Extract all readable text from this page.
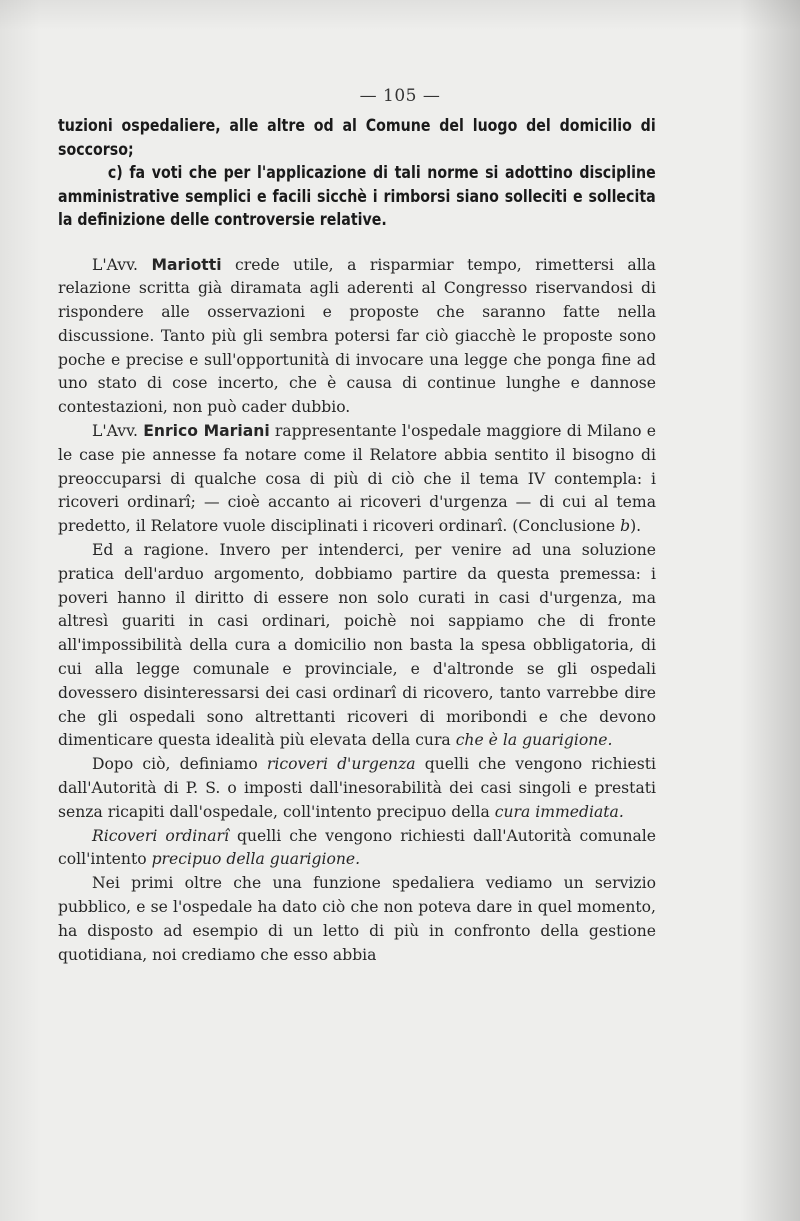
— 105 —

tuzioni ospedaliere, alle altre od al Comune del luogo del domicilio di soccorso;

c) fa voti che per l'applicazione di tali norme si adottino discipline amministrative semplici e facili sicchè i rimborsi siano solleciti e sollecita la definizione delle controversie relative.

L'Avv. Mariotti crede utile, a risparmiar tempo, rimettersi alla relazione scritta già diramata agli aderenti al Congresso riservandosi di rispondere alle osservazioni e proposte che saranno fatte nella discussione. Tanto più gli sembra potersi far ciò giacchè le proposte sono poche e precise e sull'opportunità di invocare una legge che ponga fine ad uno stato di cose incerto, che è causa di continue lunghe e dannose contestazioni, non può cader dubbio.

L'Avv. Enrico Mariani rappresentante l'ospedale maggiore di Milano e le case pie annesse fa notare come il Relatore abbia sentito il bisogno di preoccuparsi di qualche cosa di più di ciò che il tema IV contempla: i ricoveri ordinarî; — cioè accanto ai ricoveri d'urgenza — di cui al tema predetto, il Relatore vuole disciplinati i ricoveri ordinarî. (Conclusione b).

Ed a ragione. Invero per intenderci, per venire ad una soluzione pratica dell'arduo argomento, dobbiamo partire da questa premessa: i poveri hanno il diritto di essere non solo curati in casi d'urgenza, ma altresì guariti in casi ordinari, poichè noi sappiamo che di fronte all'impossibilità della cura a domicilio non basta la spesa obbligatoria, di cui alla legge comunale e provinciale, e d'altronde se gli ospedali dovessero disinteressarsi dei casi ordinarî di ricovero, tanto varrebbe dire che gli ospedali sono altrettanti ricoveri di moribondi e che devono dimenticare questa idealità più elevata della cura che è la guarigione.

Dopo ciò, definiamo ricoveri d'urgenza quelli che vengono richiesti dall'Autorità di P. S. o imposti dall'inesorabilità dei casi singoli e prestati senza ricapiti dall'ospedale, coll'intento precipuo della cura immediata.

Ricoveri ordinarî quelli che vengono richiesti dall'Autorità comunale coll'intento precipuo della guarigione.

Nei primi oltre che una funzione spedaliera vediamo un servizio pubblico, e se l'ospedale ha dato ciò che non poteva dare in quel momento, ha disposto ad esempio di un letto di più in confronto della gestione quotidiana, noi crediamo che esso abbia
